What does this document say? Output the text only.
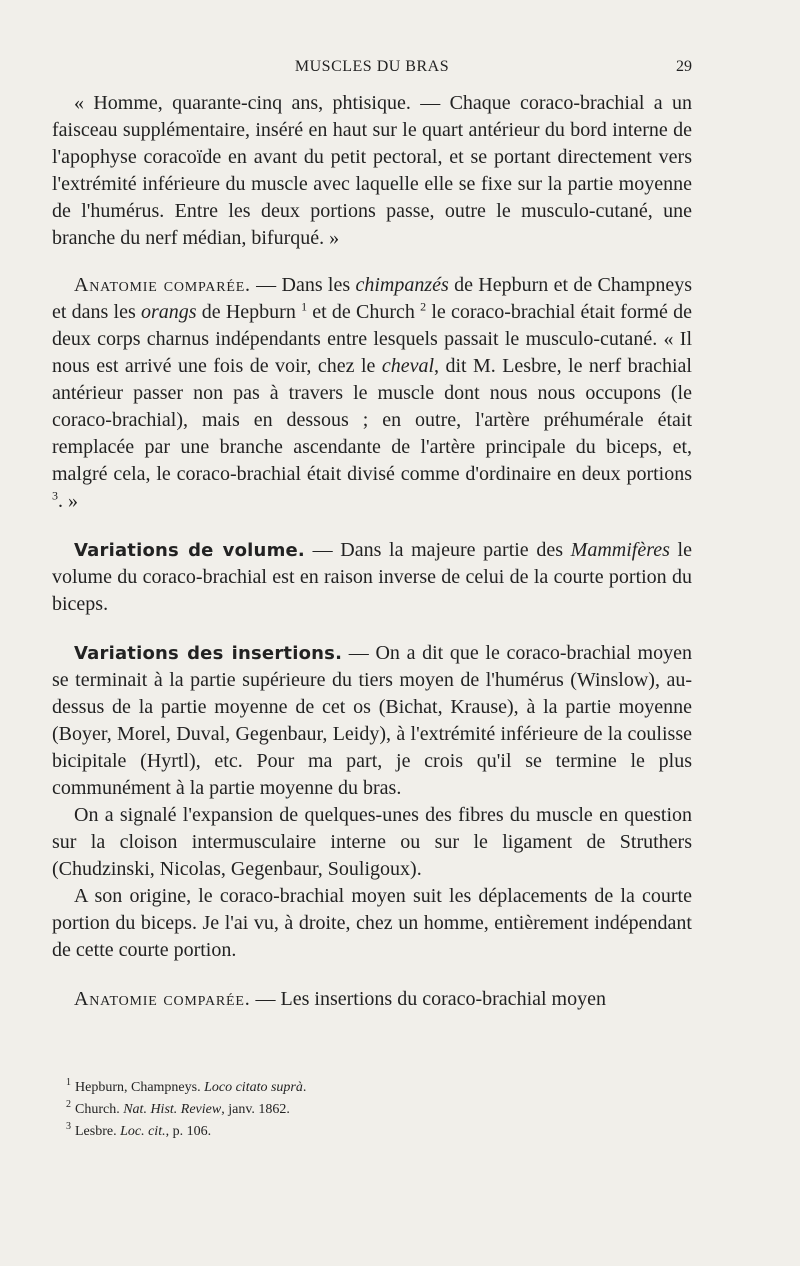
MUSCLES DU BRAS	29

« Homme, quarante-cinq ans, phtisique. — Chaque coraco-brachial a un faisceau supplémentaire, inséré en haut sur le quart antérieur du bord interne de l'apophyse coracoïde en avant du petit pectoral, et se portant directement vers l'extrémité inférieure du muscle avec laquelle elle se fixe sur la partie moyenne de l'humérus. Entre les deux portions passe, outre le musculo-cutané, une branche du nerf médian, bifurqué. »

Anatomie comparée. — Dans les chimpanzés de Hepburn et de Champneys et dans les orangs de Hepburn $^1$ et de Church $^2$ le coraco-brachial était formé de deux corps charnus indépendants entre lesquels passait le musculo-cutané. « Il nous est arrivé une fois de voir, chez le cheval, dit M. Lesbre, le nerf brachial antérieur passer non pas à travers le muscle dont nous nous occupons (le coraco-brachial), mais en dessous ; en outre, l'artère préhumérale était remplacée par une branche ascendante de l'artère principale du biceps, et, malgré cela, le coraco-brachial était divisé comme d'ordinaire en deux portions $^3$. »

Variations de volume. — Dans la majeure partie des Mammifères le volume du coraco-brachial est en raison inverse de celui de la courte portion du biceps.

Variations des insertions. — On a dit que le coraco-brachial moyen se terminait à la partie supérieure du tiers moyen de l'humérus (Winslow), au-dessus de la partie moyenne de cet os (Bichat, Krause), à la partie moyenne (Boyer, Morel, Duval, Gegenbaur, Leidy), à l'extrémité inférieure de la coulisse bicipitale (Hyrtl), etc. Pour ma part, je crois qu'il se termine le plus communément à la partie moyenne du bras.

On a signalé l'expansion de quelques-unes des fibres du muscle en question sur la cloison intermusculaire interne ou sur le ligament de Struthers (Chudzinski, Nicolas, Gegenbaur, Souligoux).

A son origine, le coraco-brachial moyen suit les déplacements de la courte portion du biceps. Je l'ai vu, à droite, chez un homme, entièrement indépendant de cette courte portion.

Anatomie comparée. — Les insertions du coraco-brachial moyen

$^1$ Hepburn, Champneys. Loco citato suprà.

$^2$ Church. Nat. Hist. Review, janv. 1862.

$^3$ Lesbre. Loc. cit., p. 106.
